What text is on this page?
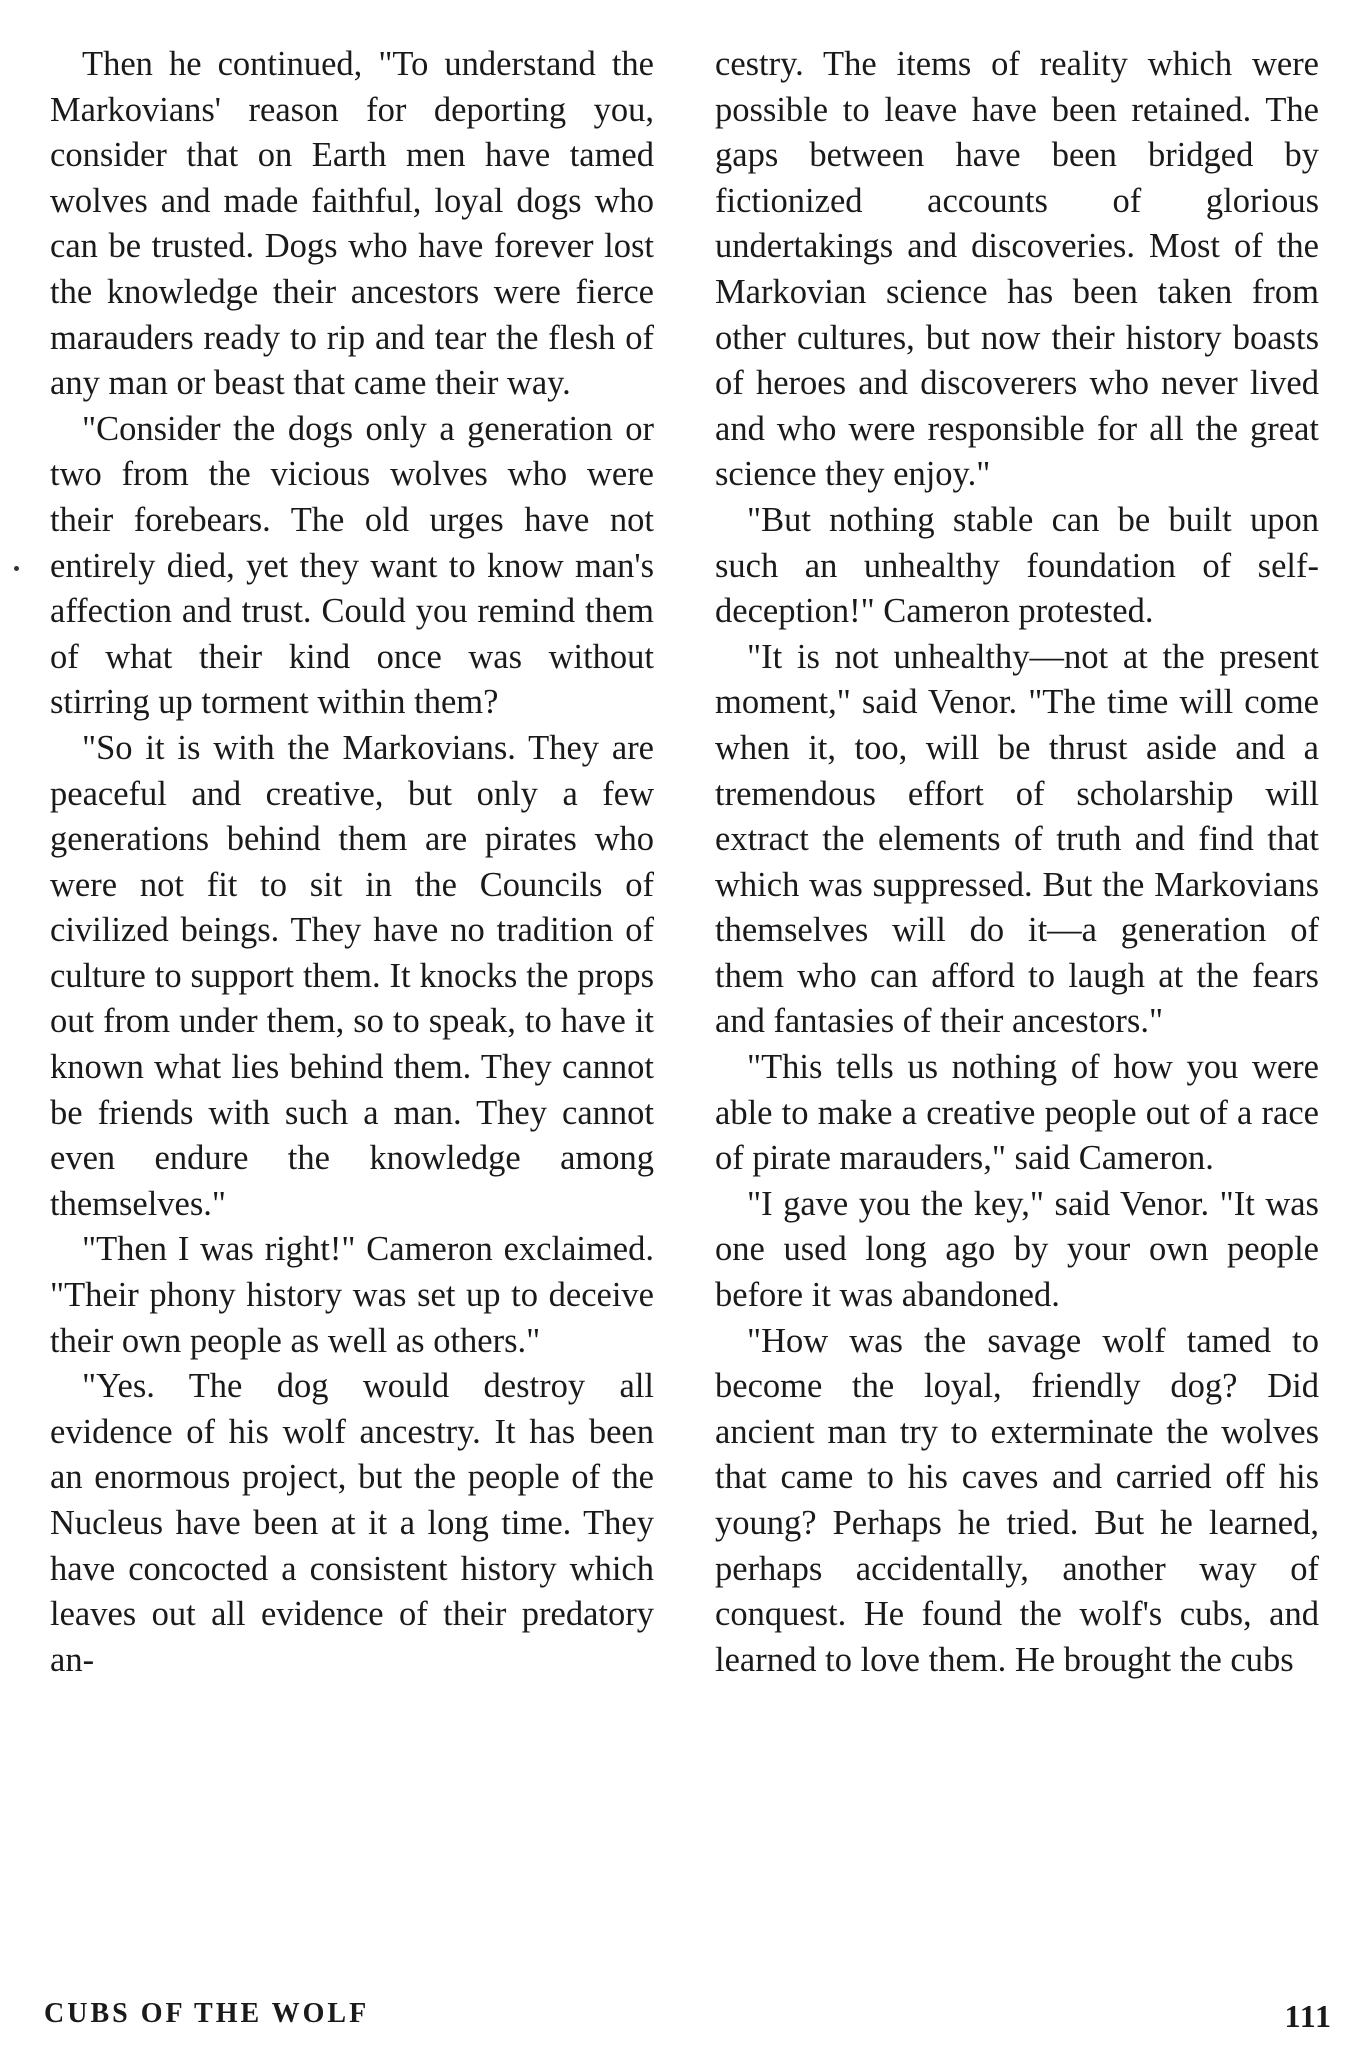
Then he continued, "To understand the Markovians' reason for deporting you, consider that on Earth men have tamed wolves and made faithful, loyal dogs who can be trusted. Dogs who have forever lost the knowledge their ancestors were fierce marauders ready to rip and tear the flesh of any man or beast that came their way.

"Consider the dogs only a generation or two from the vicious wolves who were their forebears. The old urges have not entirely died, yet they want to know man's affection and trust. Could you remind them of what their kind once was without stirring up torment within them?

"So it is with the Markovians. They are peaceful and creative, but only a few generations behind them are pirates who were not fit to sit in the Councils of civilized beings. They have no tradition of culture to support them. It knocks the props out from under them, so to speak, to have it known what lies behind them. They cannot be friends with such a man. They cannot even endure the knowledge among themselves."

"Then I was right!" Cameron exclaimed. "Their phony history was set up to deceive their own people as well as others."

"Yes. The dog would destroy all evidence of his wolf ancestry. It has been an enormous project, but the people of the Nucleus have been at it a long time. They have concocted a consistent history which leaves out all evidence of their predatory an-

cestry. The items of reality which were possible to leave have been retained. The gaps between have been bridged by fictionized accounts of glorious undertakings and discoveries. Most of the Markovian science has been taken from other cultures, but now their history boasts of heroes and discoverers who never lived and who were responsible for all the great science they enjoy."

"But nothing stable can be built upon such an unhealthy foundation of self-deception!" Cameron protested.

"It is not unhealthy—not at the present moment," said Venor. "The time will come when it, too, will be thrust aside and a tremendous effort of scholarship will extract the elements of truth and find that which was suppressed. But the Markovians themselves will do it—a generation of them who can afford to laugh at the fears and fantasies of their ancestors."

"This tells us nothing of how you were able to make a creative people out of a race of pirate marauders," said Cameron.

"I gave you the key," said Venor. "It was one used long ago by your own people before it was abandoned.

"How was the savage wolf tamed to become the loyal, friendly dog? Did ancient man try to exterminate the wolves that came to his caves and carried off his young? Perhaps he tried. But he learned, perhaps accidentally, another way of conquest. He found the wolf's cubs, and learned to love them. He brought the cubs

CUBS OF THE WOLF	111
